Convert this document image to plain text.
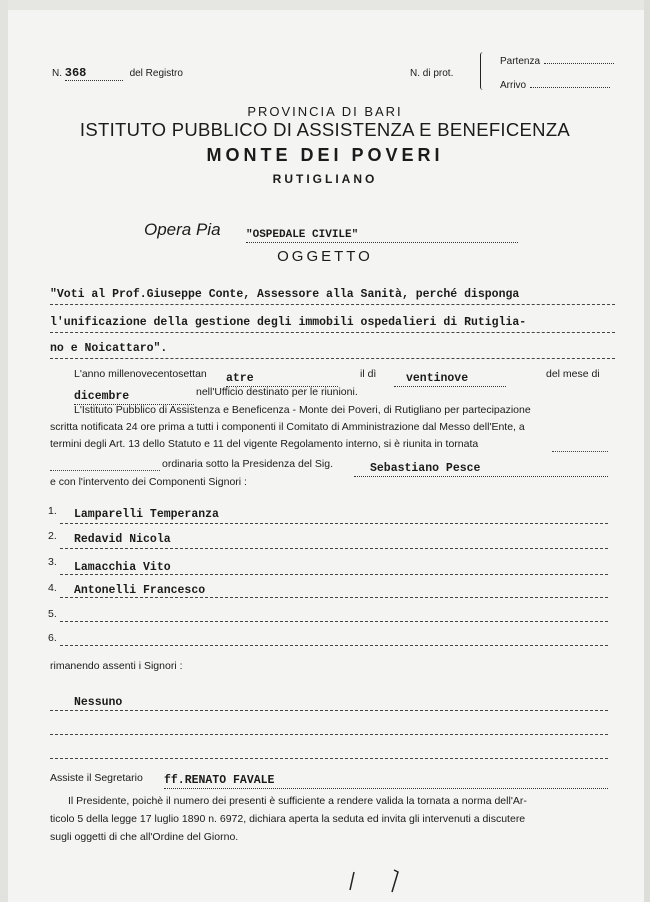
N. 368	del Registro	N. di prot.
Partenza
Arrivo
PROVINCIA DI BARI
ISTITUTO PUBBLICO DI ASSISTENZA E BENEFICENZA
MONTE DEI POVERI
RUTIGLIANO
Opera Pia "OSPEDALE CIVILE"
OGGETTO
"Voti al Prof.Giuseppe Conte, Assessore alla Sanità, perché disponga
l'unificazione della gestione degli immobili ospedalieri di Rutiglia-
no e Noicattaro".
L'anno millenovecentosettan atre	il dì	ventinove	del mese di
dicembre	nell'Ufficio destinato per le riunioni.
L'Istituto Pubblico di Assistenza e Beneficenza - Monte dei Poveri, di Rutigliano per partecipazione
scritta notificata 24 ore prima a tutti i componenti il Comitato di Amministrazione dal Messo dell'Ente, a
termini degli Art. 13 dello Statuto e 11 del vigente Regolamento interno, si è riunita in tornata
ordinaria sotto la Presidenza del Sig.	Sebastiano Pesce
e con l'intervento dei Componenti Signori :
1. Lamparelli Temperanza
2. Redavid Nicola
3. Lamacchia Vito
4. Antonelli Francesco
5.
6.
rimanendo assenti i Signori :
Nessuno
Assiste il Segretario ff.RENATO FAVALE
Il Presidente, poichè il numero dei presenti è sufficiente a rendere valida la tornata a norma dell'Ar-
ticolo 5 della legge 17 luglio 1890 n. 6972, dichiara aperta la seduta ed invita gli intervenuti a discutere
sugli oggetti di che all'Ordine del Giorno.
